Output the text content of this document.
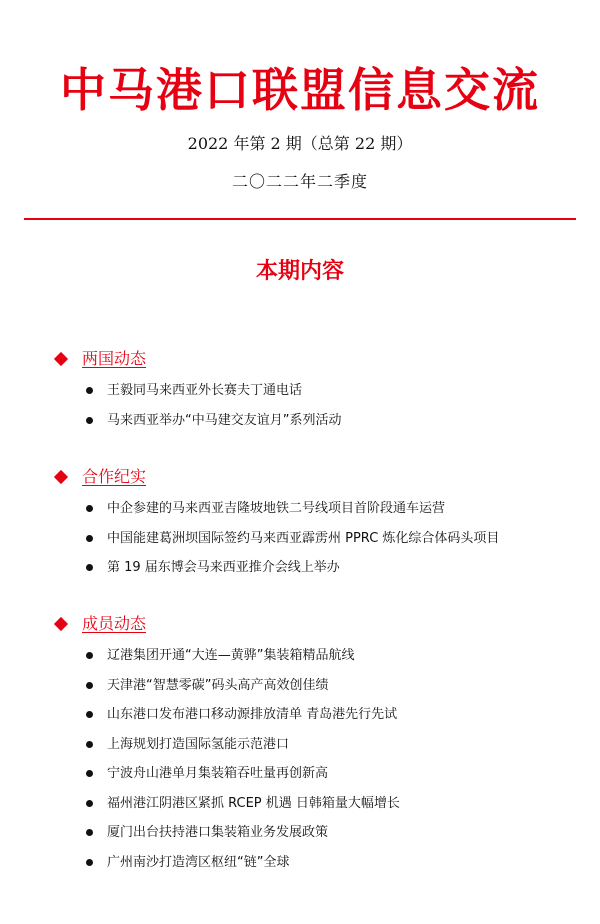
中马港口联盟信息交流
2022 年第 2 期（总第 22 期）
二〇二二年二季度
本期内容
两国动态
王毅同马来西亚外长赛夫丁通电话
马来西亚举办“中马建交友谊月”系列活动
合作纪实
中企参建的马来西亚吉隆坡地铁二号线项目首阶段通车运营
中国能建葛洲坝国际签约马来西亚霹雳州 PPRC 炼化综合体码头项目
第 19 届东博会马来西亚推介会线上举办
成员动态
辽港集团开通“大连—黄骅”集装箱精品航线
天津港“智慧零碳”码头高产高效创佳绩
山东港口发布港口移动源排放清单 青岛港先行先试
上海规划打造国际氢能示范港口
宁波舟山港单月集装箱吞吐量再创新高
福州港江阴港区紧抓 RCEP 机遇 日韩箱量大幅增长
厦门出台扶持港口集装箱业务发展政策
广州南沙打造湾区枢纽“链”全球
